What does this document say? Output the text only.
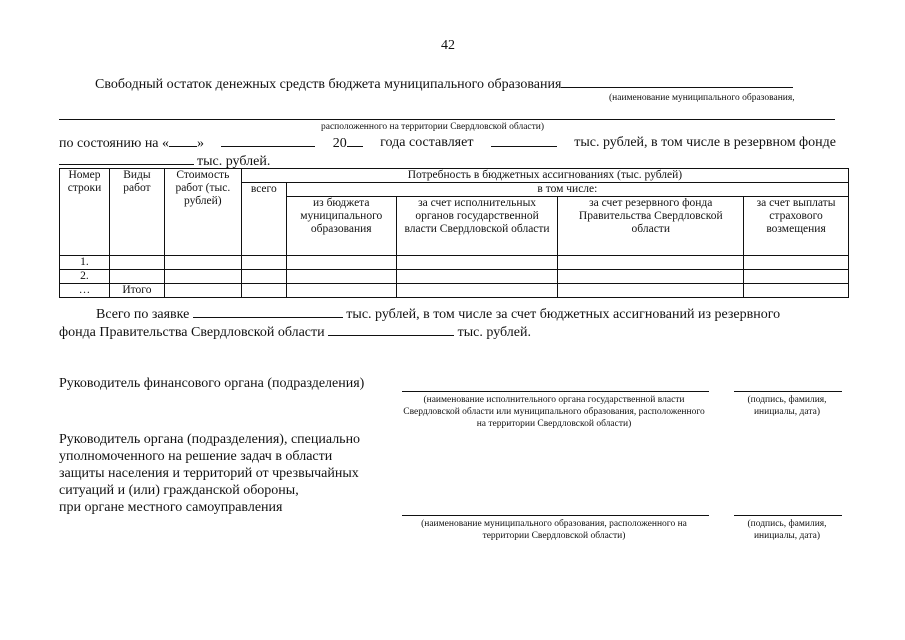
42
Свободный остаток денежных средств бюджета муниципального образования
(наименование муниципального образования,
расположенного на территории Свердловской области)
по состоянию на « »	20	года составляет	тыс. рублей, в том числе в резервном фонде
тыс. рублей.
Номер строки	Виды работ	Стоимость работ (тыс. рублей)	Потребность в бюджетных ассигнованиях (тыс. рублей)				
			всего	в том числе:			
				из бюджета муниципального образования	за счет исполнительных органов государственной власти Свердловской области	за счет резервного фонда Правительства Свердловской области	за счет выплаты страхового возмещения
1.							
2.							
…	Итого						
Всего по заявке	тыс. рублей, в том числе за счет бюджетных ассигнований из резервного
фонда Правительства Свердловской области	тыс. рублей.
Руководитель финансового органа (подразделения)
(наименование исполнительного органа государственной власти Свердловской области или муниципального образования, расположенного на территории Свердловской области)
(подпись, фамилия, инициалы, дата)
Руководитель органа (подразделения), специально
уполномоченного на решение задач в области
защиты населения и территорий от чрезвычайных
ситуаций и (или) гражданской обороны,
при органе местного самоуправления
(наименование муниципального образования, расположенного на территории Свердловской области)
(подпись, фамилия, инициалы, дата)
